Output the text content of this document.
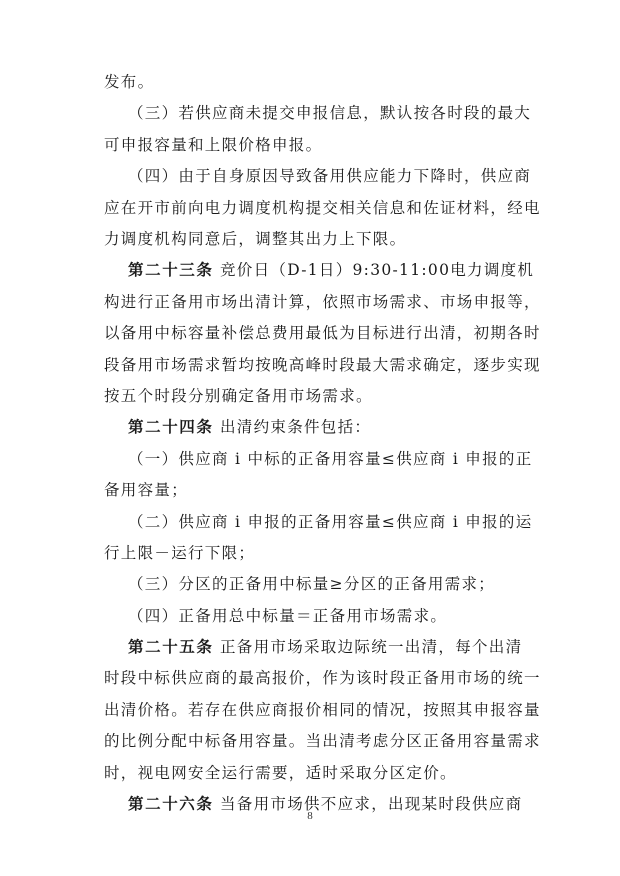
发布。
（三）若供应商未提交申报信息，默认按各时段的最大
可申报容量和上限价格申报。
（四）由于自身原因导致备用供应能力下降时，供应商
应在开市前向电力调度机构提交相关信息和佐证材料，经电
力调度机构同意后，调整其出力上下限。
第二十三条 竞价日（D-1日）9:30-11:00电力调度机
构进行正备用市场出清计算，依照市场需求、市场申报等，
以备用中标容量补偿总费用最低为目标进行出清，初期各时
段备用市场需求暂均按晚高峰时段最大需求确定，逐步实现
按五个时段分别确定备用市场需求。
第二十四条 出清约束条件包括：
（一）供应商 i 中标的正备用容量≤供应商 i 申报的正
备用容量；
（二）供应商 i 申报的正备用容量≤供应商 i 申报的运
行上限－运行下限；
（三）分区的正备用中标量≥分区的正备用需求；
（四）正备用总中标量＝正备用市场需求。
第二十五条 正备用市场采取边际统一出清，每个出清
时段中标供应商的最高报价，作为该时段正备用市场的统一
出清价格。若存在供应商报价相同的情况，按照其申报容量
的比例分配中标备用容量。当出清考虑分区正备用容量需求
时，视电网安全运行需要，适时采取分区定价。
第二十六条 当备用市场供不应求，出现某时段供应商
8
